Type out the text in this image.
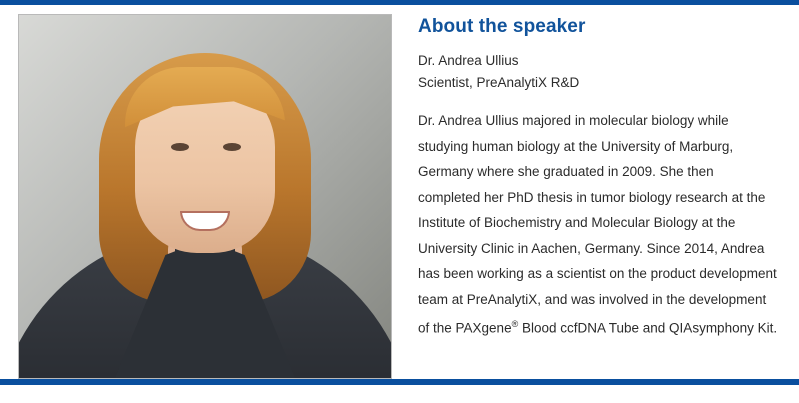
About the speaker
Dr. Andrea Ullius
Scientist, PreAnalytiX R&D

Dr. Andrea Ullius majored in molecular biology while studying human biology at the University of Marburg, Germany where she graduated in 2009. She then completed her PhD thesis in tumor biology research at the Institute of Biochemistry and Molecular Biology at the University Clinic in Aachen, Germany. Since 2014, Andrea has been working as a scientist on the product development team at PreAnalytiX, and was involved in the development of the PAXgene® Blood ccfDNA Tube and QIAsymphony Kit.
